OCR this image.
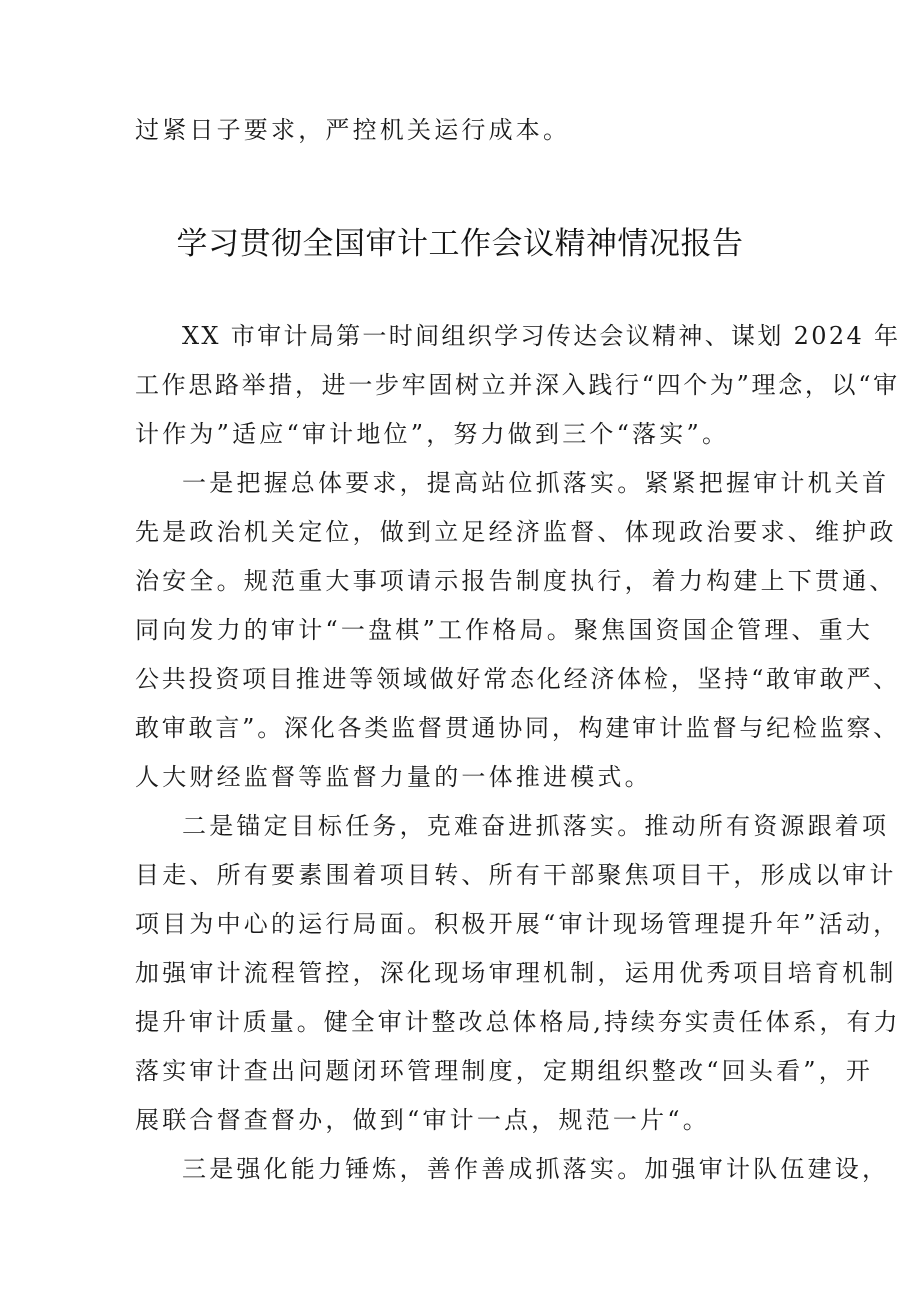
过紧日子要求，严控机关运行成本。

学习贯彻全国审计工作会议精神情况报告

XX 市审计局第一时间组织学习传达会议精神、谋划 2024 年

工作思路举措，进一步牢固树立并深入践行“四个为”理念，以“审

计作为”适应“审计地位”，努力做到三个“落实”。

一是把握总体要求，提高站位抓落实。紧紧把握审计机关首

先是政治机关定位，做到立足经济监督、体现政治要求、维护政

治安全。规范重大事项请示报告制度执行，着力构建上下贯通、

同向发力的审计“一盘棋”工作格局。聚焦国资国企管理、重大

公共投资项目推进等领域做好常态化经济体检，坚持“敢审敢严、

敢审敢言”。深化各类监督贯通协同，构建审计监督与纪检监察、

人大财经监督等监督力量的一体推进模式。

二是锚定目标任务，克难奋进抓落实。推动所有资源跟着项

目走、所有要素围着项目转、所有干部聚焦项目干，形成以审计

项目为中心的运行局面。积极开展“审计现场管理提升年”活动，

加强审计流程管控，深化现场审理机制，运用优秀项目培育机制

提升审计质量。健全审计整改总体格局,持续夯实责任体系，有力

落实审计查出问题闭环管理制度，定期组织整改“回头看”，开

展联合督查督办，做到“审计一点，规范一片“。

三是强化能力锤炼，善作善成抓落实。加强审计队伍建设，
